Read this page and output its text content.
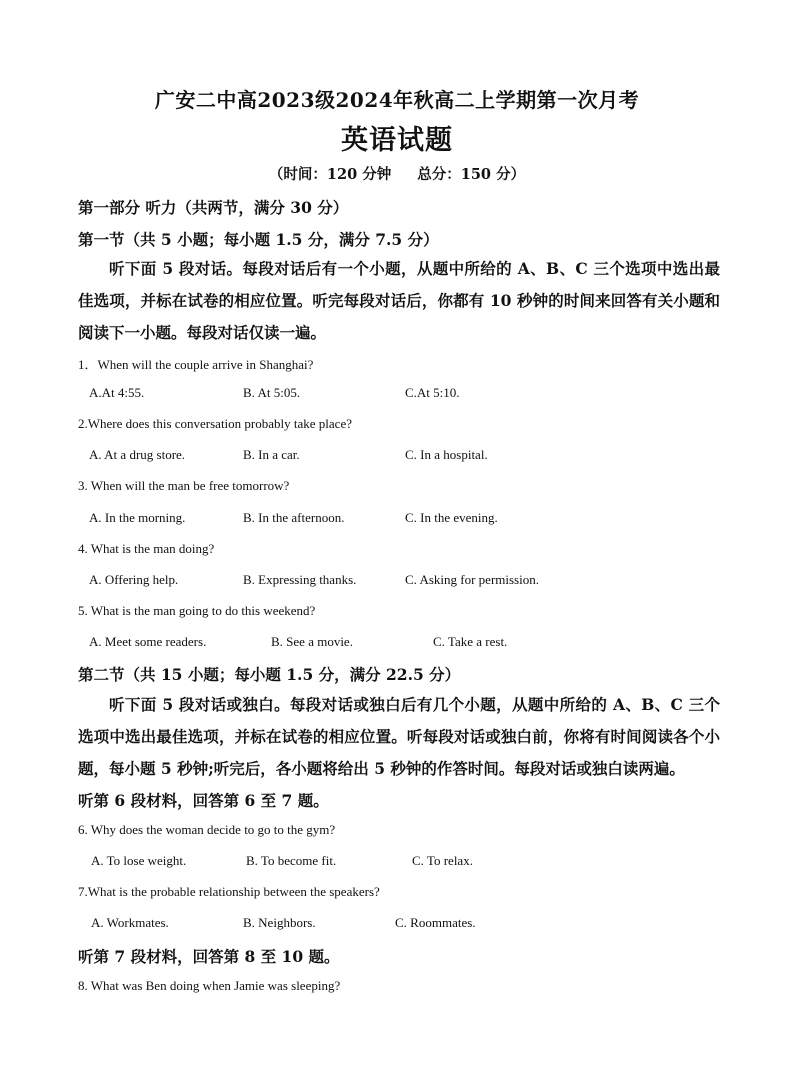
广安二中高2023级2024年秋高二上学期第一次月考
英语试题
（时间：120 分钟 总分：150 分）
第一部分 听力（共两节，满分 30 分）
第一节（共 5 小题；每小题 1.5 分，满分 7.5 分）

听下面 5 段对话。每段对话后有一个小题，从题中所给的 A、B、C 三个选项中选出最佳选项，并标在试卷的相应位置。听完每段对话后，你都有 10 秒钟的时间来回答有关小题和阅读下一小题。每段对话仅读一遍。

1．When will the couple arrive in Shanghai?
A.At 4:55.	B. At 5:05.	C.At 5:10.
2.Where does this conversation probably take place?
A. At a drug store.	B. In a car.	C. In a hospital.
3. When will the man be free tomorrow?
A. In the morning.	B. In the afternoon.	C. In the evening.
4. What is the man doing?
A. Offering help.	B. Expressing thanks.	C. Asking for permission.
5. What is the man going to do this weekend?
A. Meet some readers.	B. See a movie.	C. Take a rest.
第二节（共 15 小题；每小题 1.5 分，满分 22.5 分）

听下面 5 段对话或独白。每段对话或独白后有几个小题，从题中所给的 A、B、C 三个选项中选出最佳选项，并标在试卷的相应位置。听每段对话或独白前，你将有时间阅读各个小题，每小题 5 秒钟;听完后，各小题将给出 5 秒钟的作答时间。每段对话或独白读两遍。

听第 6 段材料，回答第 6 至 7 题。
6. Why does the woman decide to go to the gym?
A. To lose weight.	B. To become fit.	C. To relax.
7.What is the probable relationship between the speakers?
A. Workmates.	B. Neighbors.	C. Roommates.
听第 7 段材料，回答第 8 至 10 题。
8. What was Ben doing when Jamie was sleeping?
